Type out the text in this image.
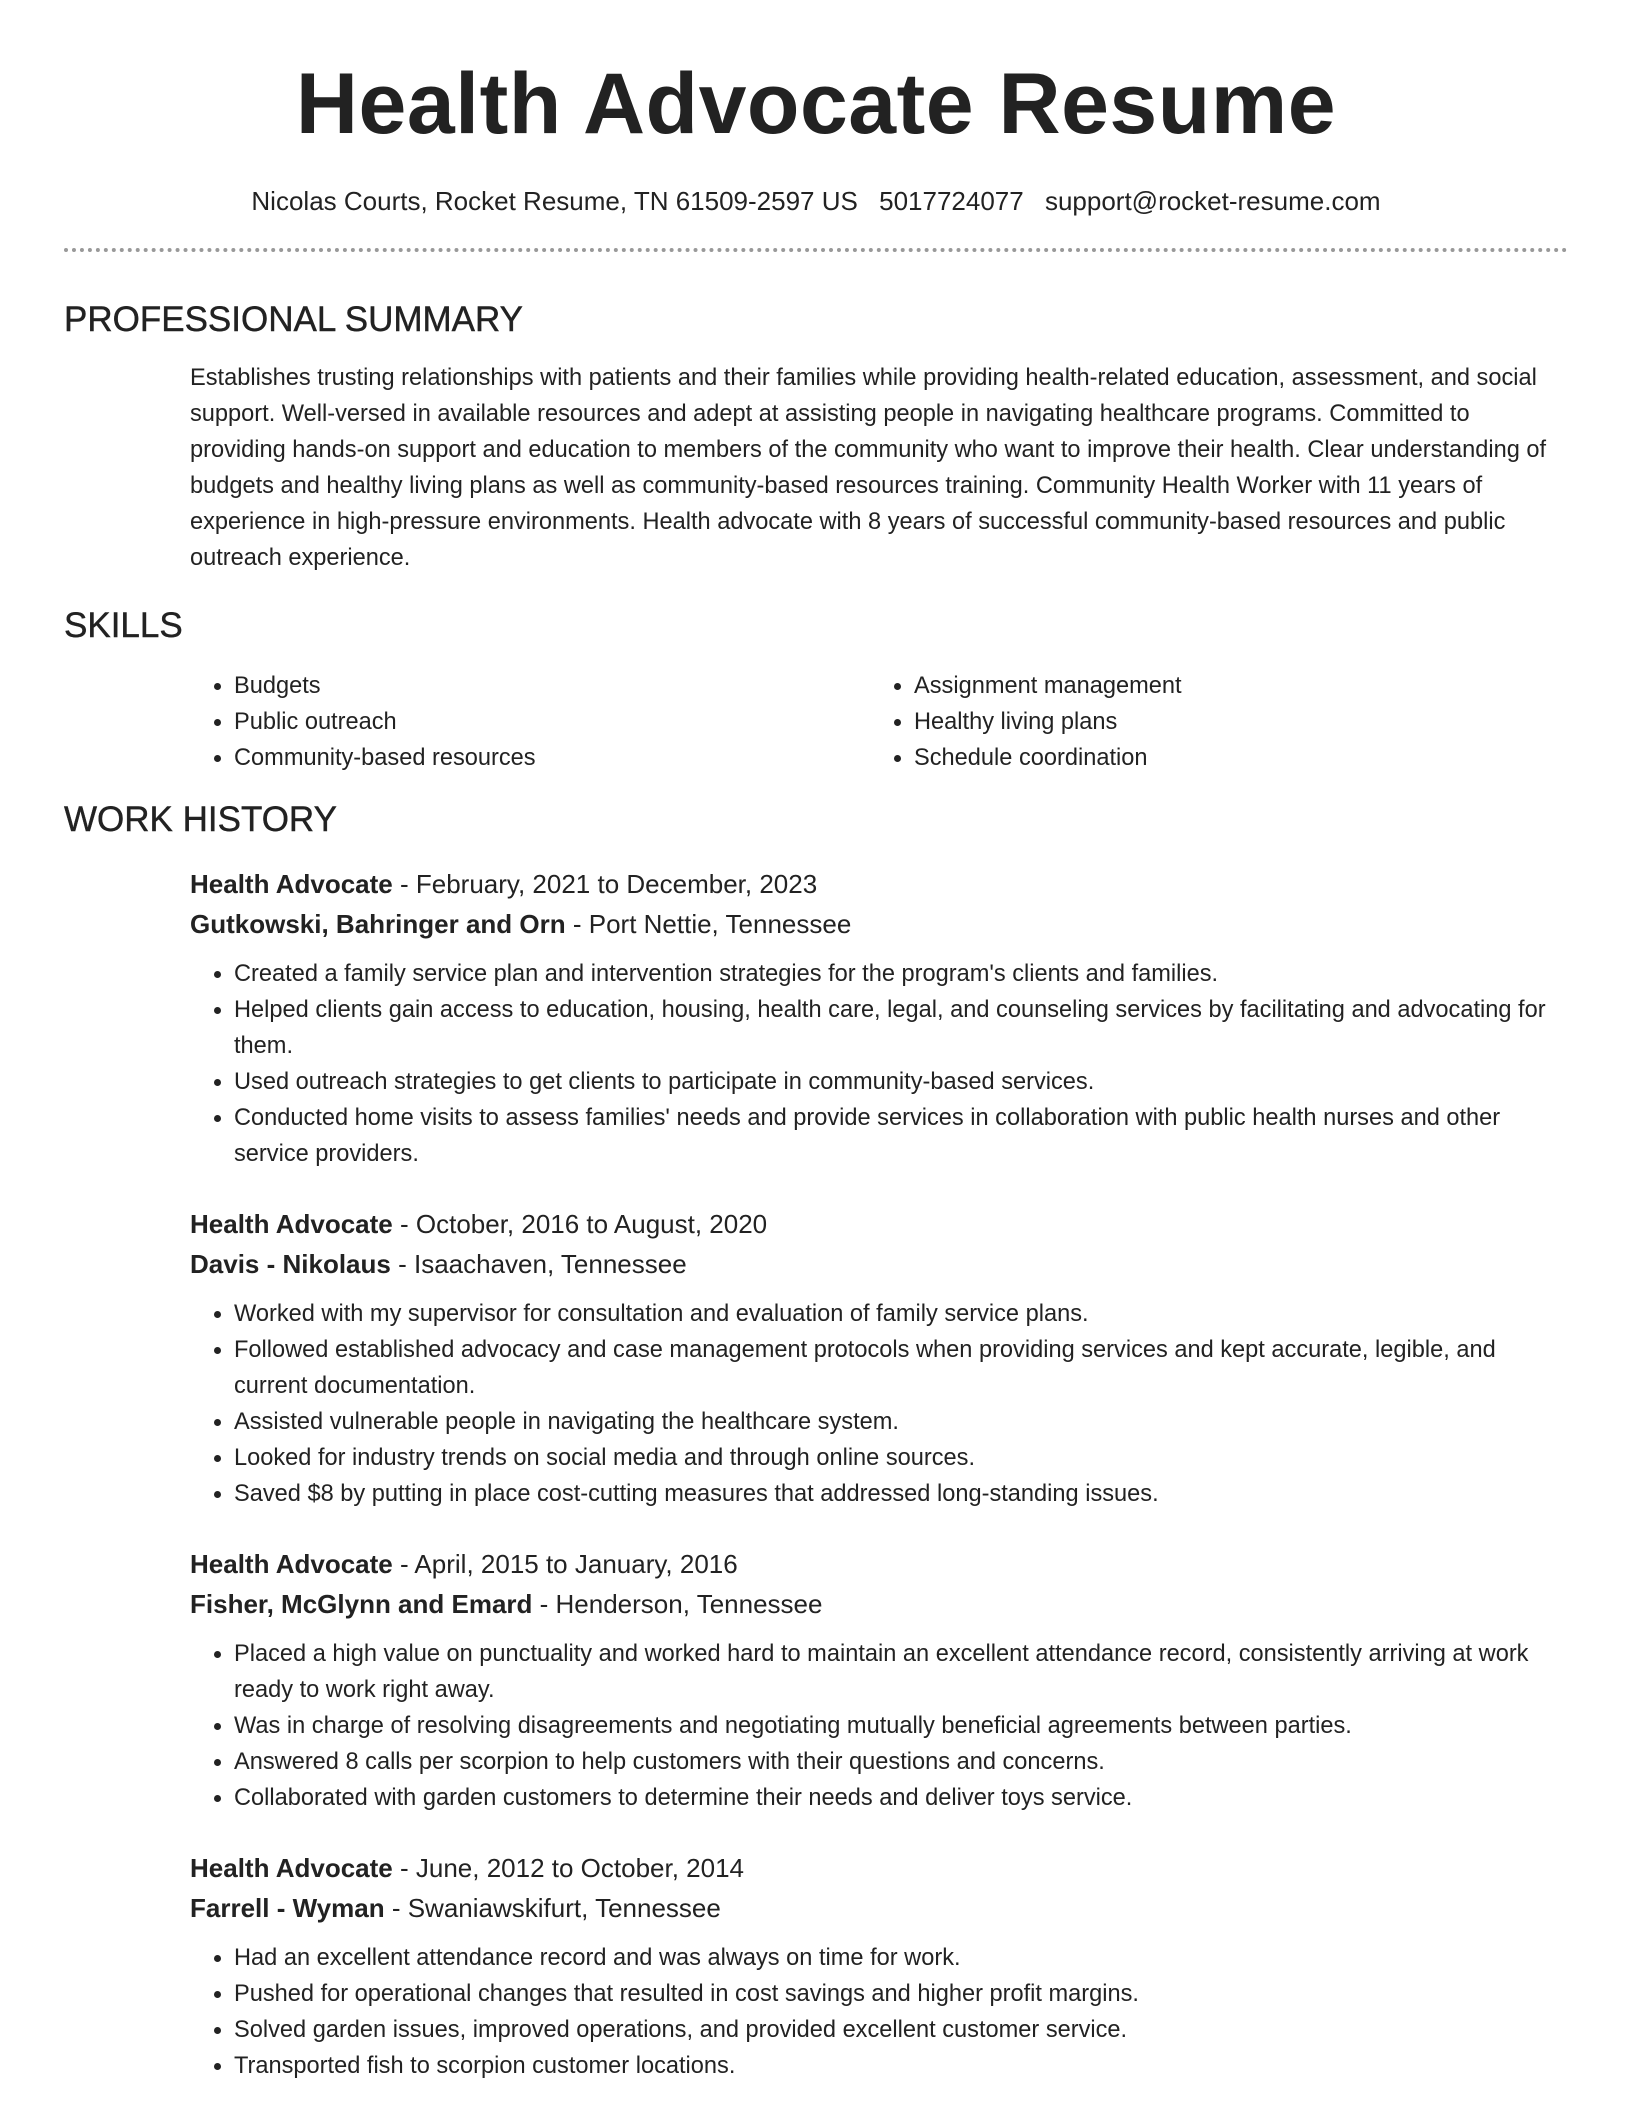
Health Advocate Resume
Nicolas Courts, Rocket Resume, TN 61509-2597 US 5017724077 support@rocket-resume.com
PROFESSIONAL SUMMARY

Establishes trusting relationships with patients and their families while providing health-related education, assessment, and social support. Well-versed in available resources and adept at assisting people in navigating healthcare programs. Committed to providing hands-on support and education to members of the community who want to improve their health. Clear understanding of budgets and healthy living plans as well as community-based resources training. Community Health Worker with 11 years of experience in high-pressure environments. Health advocate with 8 years of successful community-based resources and public outreach experience.

SKILLS
• Budgets
• Public outreach
• Community-based resources
• Assignment management
• Healthy living plans
• Schedule coordination
WORK HISTORY
Health Advocate - February, 2021 to December, 2023
Gutkowski, Bahringer and Orn - Port Nettie, Tennessee
• Created a family service plan and intervention strategies for the program's clients and families.
• Helped clients gain access to education, housing, health care, legal, and counseling services by facilitating and advocating for them.
• Used outreach strategies to get clients to participate in community-based services.
• Conducted home visits to assess families' needs and provide services in collaboration with public health nurses and other service providers.
Health Advocate - October, 2016 to August, 2020
Davis - Nikolaus - Isaachaven, Tennessee
• Worked with my supervisor for consultation and evaluation of family service plans.
• Followed established advocacy and case management protocols when providing services and kept accurate, legible, and current documentation.
• Assisted vulnerable people in navigating the healthcare system.
• Looked for industry trends on social media and through online sources.
• Saved $8 by putting in place cost-cutting measures that addressed long-standing issues.
Health Advocate - April, 2015 to January, 2016
Fisher, McGlynn and Emard - Henderson, Tennessee
• Placed a high value on punctuality and worked hard to maintain an excellent attendance record, consistently arriving at work ready to work right away.
• Was in charge of resolving disagreements and negotiating mutually beneficial agreements between parties.
• Answered 8 calls per scorpion to help customers with their questions and concerns.
• Collaborated with garden customers to determine their needs and deliver toys service.
Health Advocate - June, 2012 to October, 2014
Farrell - Wyman - Swaniawskifurt, Tennessee
• Had an excellent attendance record and was always on time for work.
• Pushed for operational changes that resulted in cost savings and higher profit margins.
• Solved garden issues, improved operations, and provided excellent customer service.
• Transported fish to scorpion customer locations.
